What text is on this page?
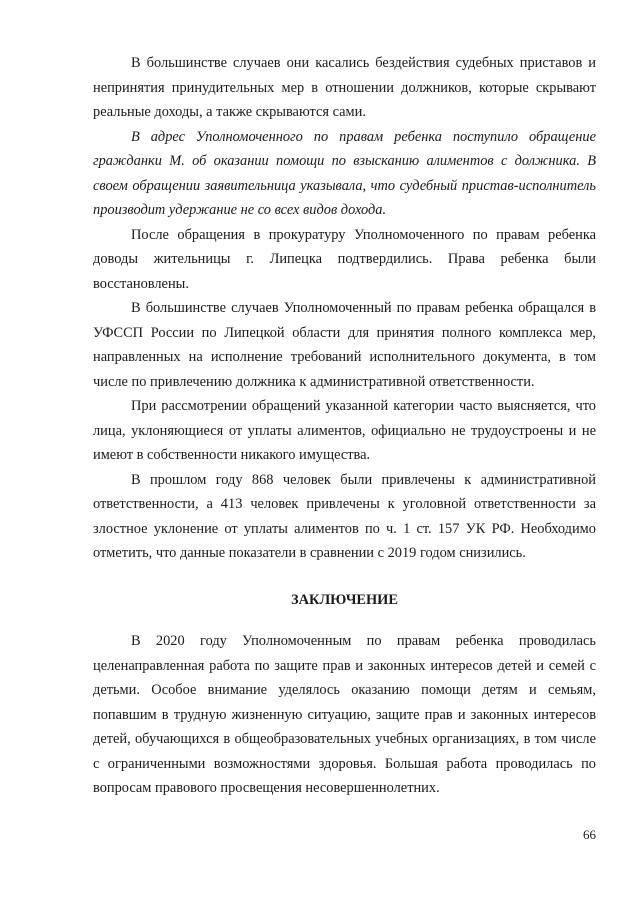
В большинстве случаев они касались бездействия судебных приставов и непринятия принудительных мер в отношении должников, которые скрывают реальные доходы, а также скрываются сами.

В адрес Уполномоченного по правам ребенка поступило обращение гражданки М. об оказании помощи по взысканию алиментов с должника. В своем обращении заявительница указывала, что судебный пристав-исполнитель производит удержание не со всех видов дохода.

После обращения в прокуратуру Уполномоченного по правам ребенка доводы жительницы г. Липецка подтвердились. Права ребенка были восстановлены.

В большинстве случаев Уполномоченный по правам ребенка обращался в УФССП России по Липецкой области для принятия полного комплекса мер, направленных на исполнение требований исполнительного документа, в том числе по привлечению должника к административной ответственности.

При рассмотрении обращений указанной категории часто выясняется, что лица, уклоняющиеся от уплаты алиментов, официально не трудоустроены и не имеют в собственности никакого имущества.

В прошлом году 868 человек были привлечены к административной ответственности, а 413 человек привлечены к уголовной ответственности за злостное уклонение от уплаты алиментов по ч. 1 ст. 157 УК РФ. Необходимо отметить, что данные показатели в сравнении с 2019 годом снизились.

ЗАКЛЮЧЕНИЕ

В 2020 году Уполномоченным по правам ребенка проводилась целенаправленная работа по защите прав и законных интересов детей и семей с детьми. Особое внимание уделялось оказанию помощи детям и семьям, попавшим в трудную жизненную ситуацию, защите прав и законных интересов детей, обучающихся в общеобразовательных учебных организациях, в том числе с ограниченными возможностями здоровья. Большая работа проводилась по вопросам правового просвещения несовершеннолетних.

66
